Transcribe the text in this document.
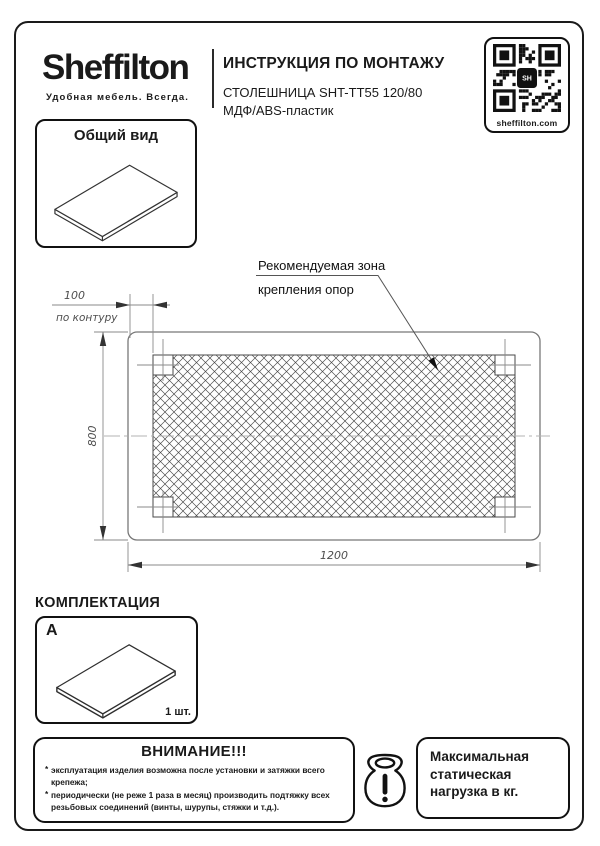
Sheffilton
Удобная мебель. Всегда.
ИНСТРУКЦИЯ ПО МОНТАЖУ
СТОЛЕШНИЦА SHT-TT55 120/80
МДФ/ABS-пластик
SH
sheffilton.com
Общий вид
100
по контуру
800
1200
Рекомендуемая зона
крепления опор
КОМПЛЕКТАЦИЯ
A
1 шт.
ВНИМАНИЕ!!!
* эксплуатация изделия возможна после установки и затяжки всего крепежа;
* периодически (не реже 1 раза в месяц) производить подтяжку всех резьбовых соединений (винты, шурупы, стяжки и т.д.).
Максимальная статическая нагрузка в кг.
